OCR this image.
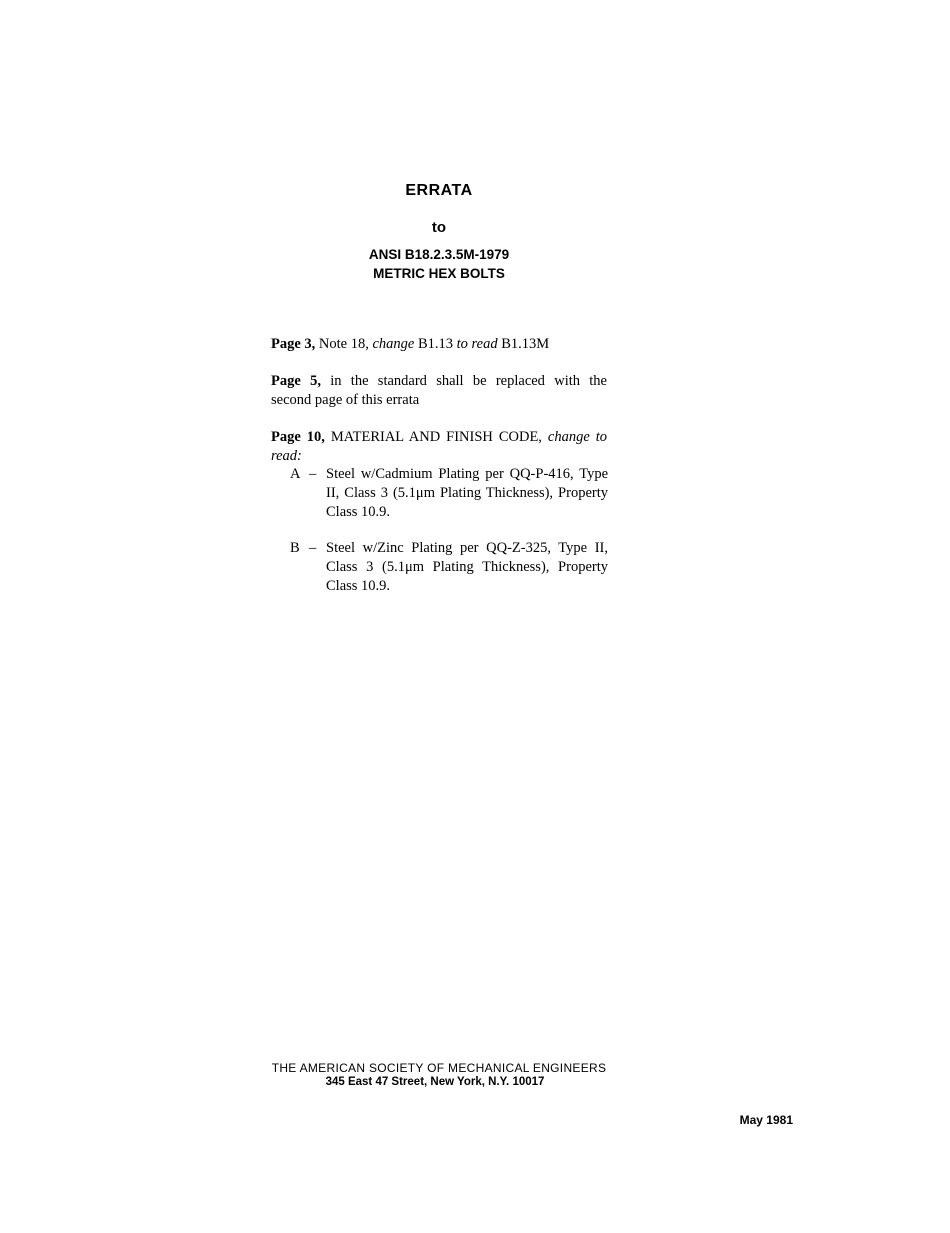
ERRATA
to
ANSI B18.2.3.5M-1979
METRIC HEX BOLTS
Page 3, Note 18, change B1.13 to read B1.13M
Page 5, in the standard shall be replaced with the
second page of this errata
Page 10, MATERIAL AND FINISH CODE, change to
read:
A – Steel w/Cadmium Plating per QQ-P-416, Type II, Class 3 (5.1μm Plating Thickness), Property Class 10.9.
B – Steel w/Zinc Plating per QQ-Z-325, Type II, Class 3 (5.1μm Plating Thickness), Property Class 10.9.
THE AMERICAN SOCIETY OF MECHANICAL ENGINEERS
345 East 47 Street, New York, N.Y. 10017
May 1981
